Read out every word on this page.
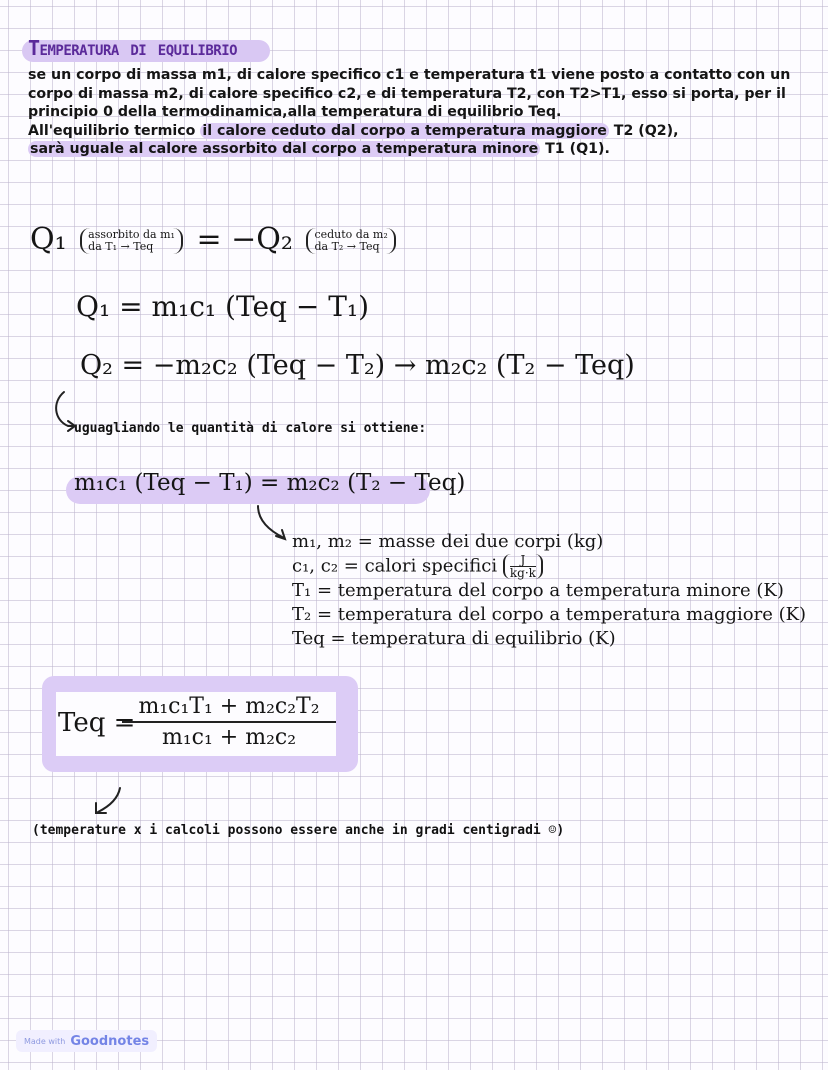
Temperatura di equilibrio

se un corpo di massa m1, di calore specifico c1 e temperatura t1 viene posto a contatto con un corpo di massa m2, di calore specifico c2, e di temperatura T2, con T2>T1, esso si porta, per il principio 0 della termodinamica,alla temperatura di equilibrio Teq.

All'equilibrio termico il calore ceduto dal corpo a temperatura maggiore T2 (Q2),

sarà uguale al calore assorbito dal corpo a temperatura minore T1 (Q1).

Q₁ assorbito da m₁
da T₁ → Teq = −Q₂ ceduto da m₂
da T₂ → Teq
Q₁ = m₁c₁ (Teq − T₁)
Q₂ = −m₂c₂ (Teq − T₂) → m₂c₂ (T₂ − Teq)
uguagliando le quantità di calore si ottiene:
m₁c₁ (Teq − T₁) = m₂c₂ (T₂ − Teq)
m₁, m₂ = masse dei due corpi (kg)
c₁, c₂ = calori specifici $\frac{J}{kg\cdot k}$
T₁ = temperatura del corpo a temperatura minore (K)
T₂ = temperatura del corpo a temperatura maggiore (K)
Teq = temperatura di equilibrio (K)
Teq =
$\frac{\text{m₁c₁T₁ + m₂c₂T₂}}{\text{m₁c₁ + m₂c₂}}$
(temperature x i calcoli possono essere anche in gradi centigradi ☺)
Made with Goodnotes
